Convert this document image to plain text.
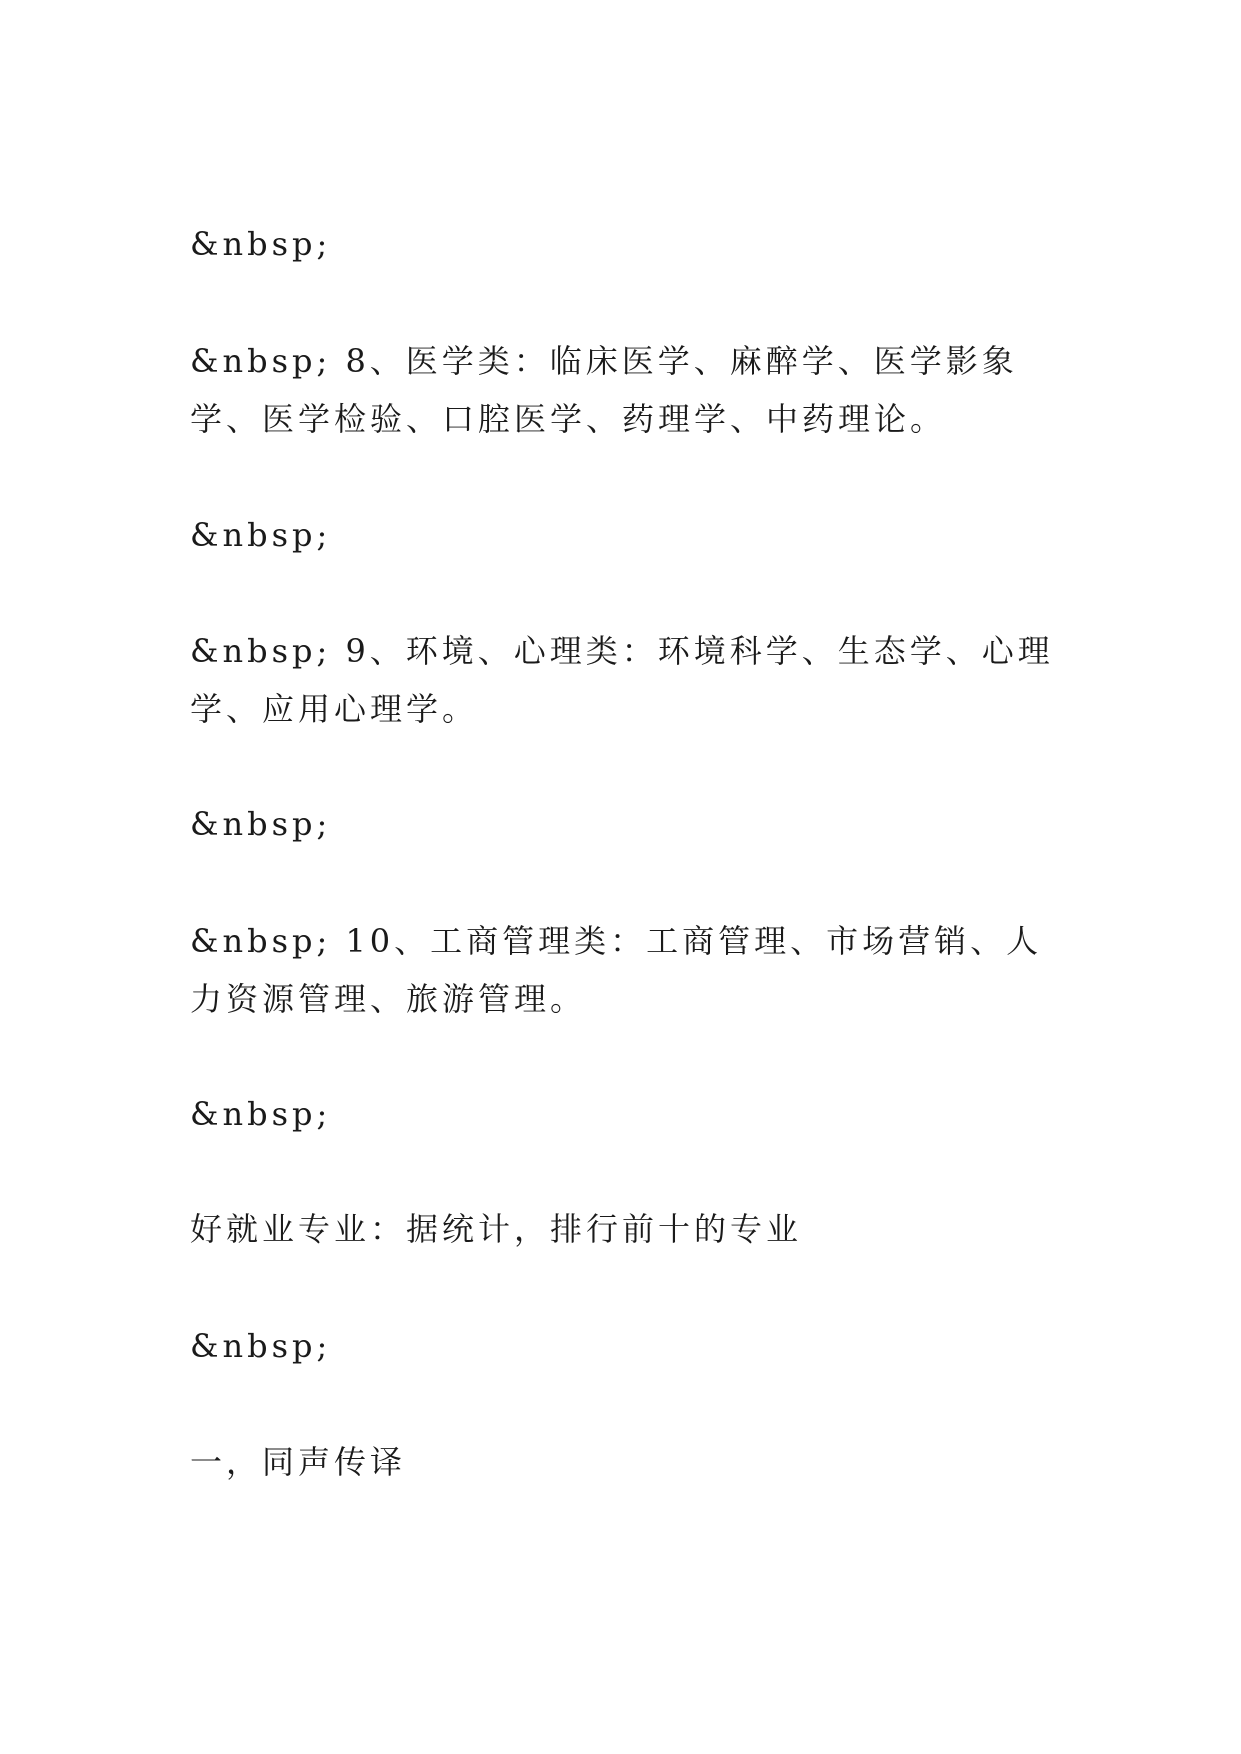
&nbsp;

&nbsp; 8、医学类：临床医学、麻醉学、医学影象学、医学检验、口腔医学、药理学、中药理论。

&nbsp;

&nbsp; 9、环境、心理类：环境科学、生态学、心理学、应用心理学。

&nbsp;

&nbsp; 10、工商管理类：工商管理、市场营销、人力资源管理、旅游管理。

&nbsp;

好就业专业：据统计，排行前十的专业

&nbsp;

一，同声传译
